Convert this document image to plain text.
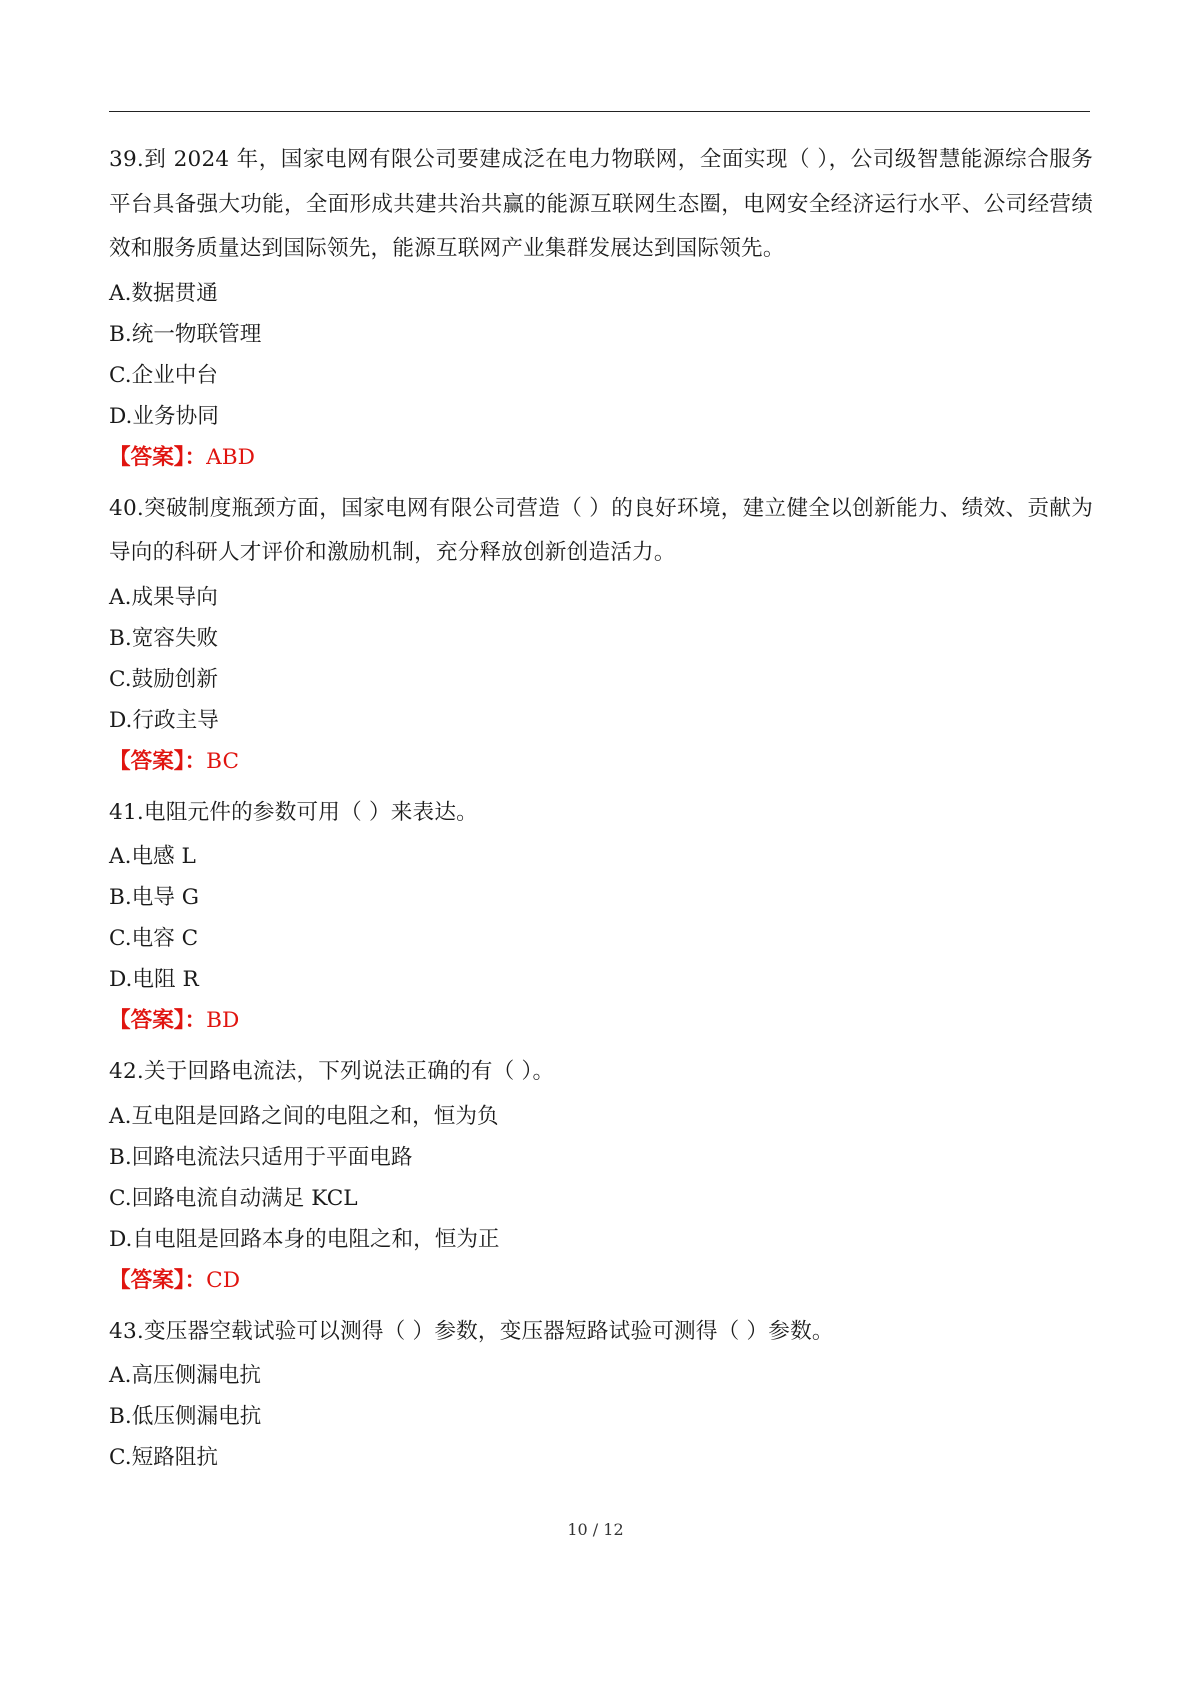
39.到 2024 年，国家电网有限公司要建成泛在电力物联网，全面实现（ ），公司级智慧能源综合服务平台具备强大功能，全面形成共建共治共赢的能源互联网生态圈，电网安全经济运行水平、公司经营绩效和服务质量达到国际领先，能源互联网产业集群发展达到国际领先。

A.数据贯通

B.统一物联管理

C.企业中台

D.业务协同

【答案】：ABD

40.突破制度瓶颈方面，国家电网有限公司营造（ ）的良好环境，建立健全以创新能力、绩效、贡献为导向的科研人才评价和激励机制，充分释放创新创造活力。

A.成果导向

B.宽容失败

C.鼓励创新

D.行政主导

【答案】：BC

41.电阻元件的参数可用（ ）来表达。

A.电感 L

B.电导 G

C.电容 C

D.电阻 R

【答案】：BD

42.关于回路电流法，下列说法正确的有（ ）。

A.互电阻是回路之间的电阻之和，恒为负

B.回路电流法只适用于平面电路

C.回路电流自动满足 KCL

D.自电阻是回路本身的电阻之和，恒为正

【答案】：CD

43.变压器空载试验可以测得（ ）参数，变压器短路试验可测得（ ）参数。

A.高压侧漏电抗

B.低压侧漏电抗

C.短路阻抗

10 / 12
